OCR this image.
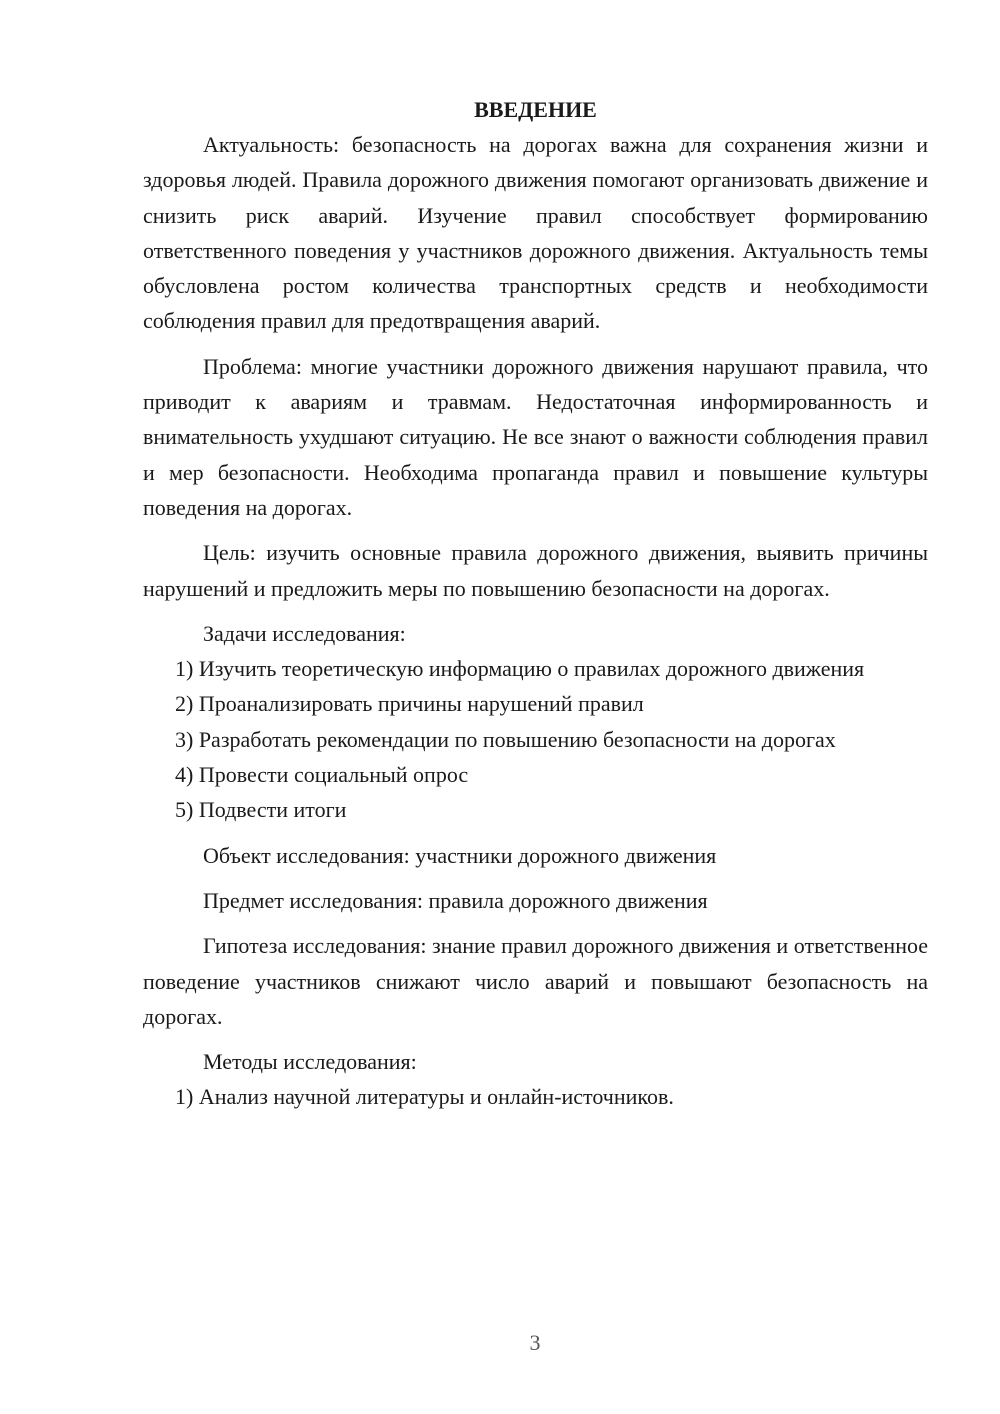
ВВЕДЕНИЕ

Актуальность: безопасность на дорогах важна для сохранения жизни и здоровья людей. Правила дорожного движения помогают организовать движение и снизить риск аварий. Изучение правил способствует формированию ответственного поведения у участников дорожного движения. Актуальность темы обусловлена ростом количества транспортных средств и необходимости соблюдения правил для предотвращения аварий.

Проблема: многие участники дорожного движения нарушают правила, что приводит к авариям и травмам. Недостаточная информированность и внимательность ухудшают ситуацию. Не все знают о важности соблюдения правил и мер безопасности. Необходима пропаганда правил и повышение культуры поведения на дорогах.

Цель: изучить основные правила дорожного движения, выявить причины нарушений и предложить меры по повышению безопасности на дорогах.

Задачи исследования:

1) Изучить теоретическую информацию о правилах дорожного движения

2) Проанализировать причины нарушений правил

3) Разработать рекомендации по повышению безопасности на дорогах

4) Провести социальный опрос

5) Подвести итоги

Объект исследования: участники дорожного движения

Предмет исследования: правила дорожного движения

Гипотеза исследования: знание правил дорожного движения и ответственное поведение участников снижают число аварий и повышают безопасность на дорогах.

Методы исследования:

1) Анализ научной литературы и онлайн-источников.

3
